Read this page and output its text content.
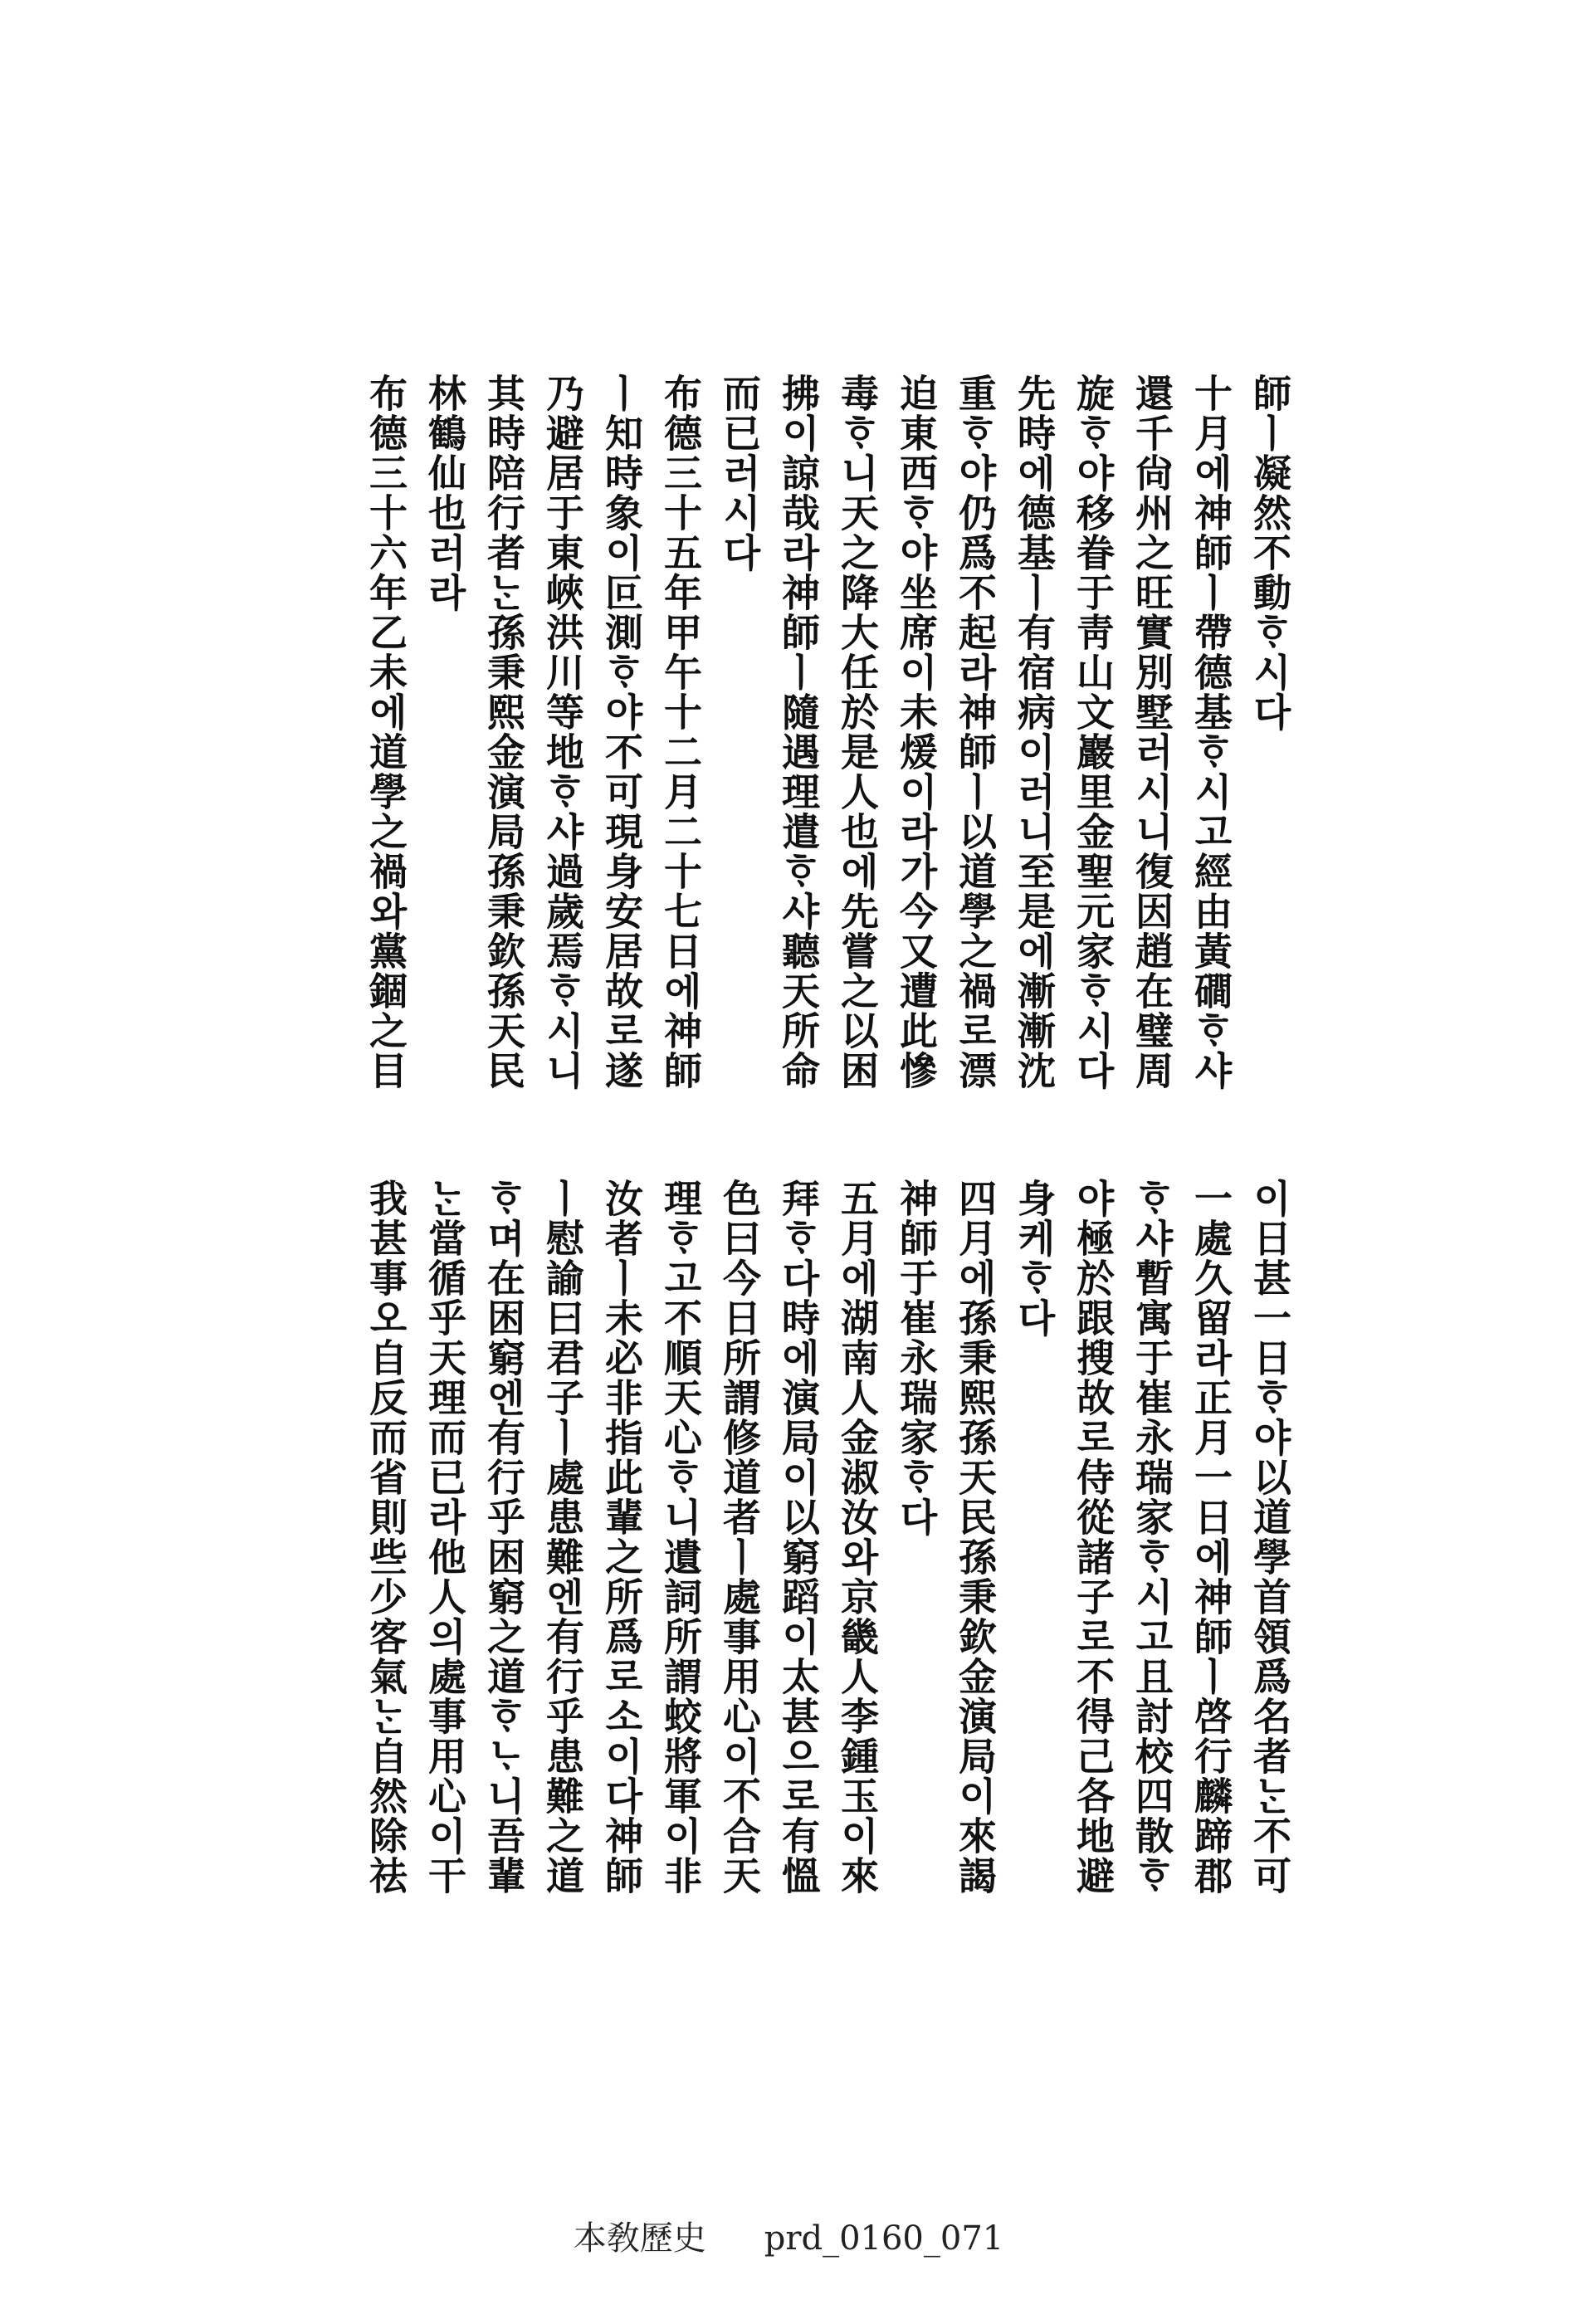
師ㅣ凝然不動ᄒᆞ시다

十月에神師ㅣ帶德基ᄒᆞ시고經由黃磵ᄒᆞ샤

還千尙州之旺實別墅러시니復因趙在璧周

旋ᄒᆞ야移眷于靑山文巖里金聖元家ᄒᆞ시다

先時에德基ㅣ有宿病이러니至是에漸漸沈

重ᄒᆞ야仍爲不起라神師ㅣ以道學之禍로漂

迫東西ᄒᆞ야坐席이未煖이라가今又遭此慘

毒ᄒᆞ니天之降大任於是人也에先嘗之以困

拂이諒哉라神師ㅣ隨遇理遣ᄒᆞ샤聽天所命

而已러시다

布德三十五年甲午十二月二十七日에神師

ㅣ知時象이叵測ᄒᆞ야不可現身安居故로遂

乃避居于東峽洪川等地ᄒᆞ샤過歲焉ᄒᆞ시니

其時陪行者ᄂᆞᆫ孫秉熙金演局孫秉欽孫天民

林鶴仙也러라

布德三十六年乙未에道學之禍와黨錮之目

이日甚一日ᄒᆞ야以道學首領爲名者ᄂᆞᆫ不可

一處久留라正月一日에神師ㅣ啓行麟蹄郡

ᄒᆞ샤暫寓于崔永瑞家ᄒᆞ시고且討校四散ᄒᆞ

야極於跟搜故로侍從諸子로不得己各地避

身케ᄒᆞ다

四月에孫秉熙孫天民孫秉欽金演局이來謁

神師于崔永瑞家ᄒᆞ다

五月에湖南人金淑汝와京畿人李鍾玉이來

拜ᄒᆞ다時에演局이以窮蹈이太甚으로有慍

色曰今日所謂修道者ㅣ處事用心이不合天

理ᄒᆞ고不順天心ᄒᆞ니遺詞所謂蛟將軍이非

汝者ㅣ未必非指此輩之所爲로소이다神師

ㅣ慰諭曰君子ㅣ處患難엔有行乎患難之道

ᄒᆞ며在困窮엔有行乎困窮之道ᄒᆞᄂᆞ니吾輩

ᄂᆞᆫ當循乎天理而已라他人의處事用心이干

我甚事오自反而省則些少客氣ᄂᆞᆫ自然除祛

本敎歷史 prd_0160_071
